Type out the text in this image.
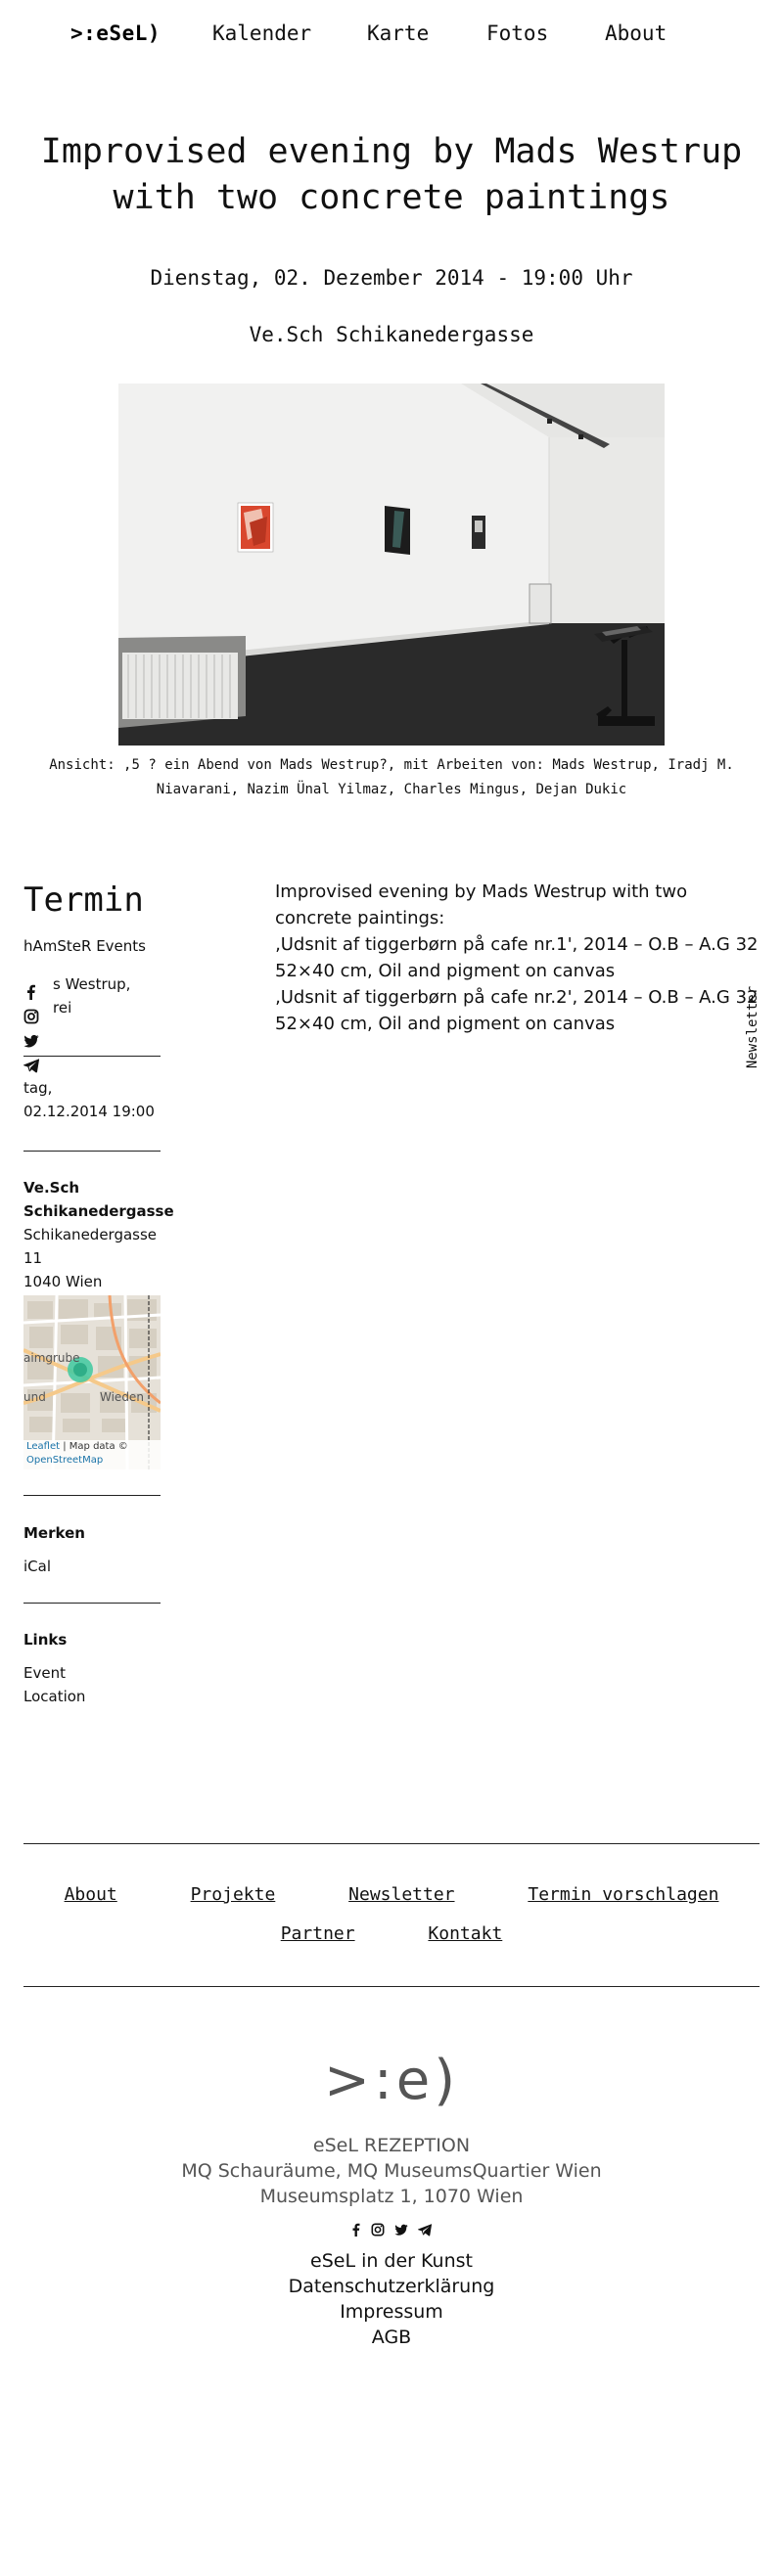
>:eSeL)	Kalender	Karte	Fotos	About
Improvised evening by Mads Westrup with two concrete paintings
Dienstag, 02. Dezember 2014 - 19:00 Uhr
Ve.Sch Schikanedergasse
Ansicht: ‚5 ? ein Abend von Mads Westrup?, mit Arbeiten von: Mads Westrup, Iradj M. Niavarani, Nazim Ünal Yilmaz, Charles Mingus, Dejan Dukic
Termin
hAmSteR Events
s Westrup,
rei
tag,
02.12.2014 19:00
Ve.Sch Schikanedergasse
Schikanedergasse 11
1040 Wien
aimgrube
Wieden
und
Leaflet | Map data ©
OpenStreetMap
Merken
iCal
Links
Event
Location
Improvised evening by Mads Westrup with two concrete paintings:
‚Udsnit af tiggerbørn på cafe nr.1', 2014 – O.B – A.G 32
52×40 cm, Oil and pigment on canvas
‚Udsnit af tiggerbørn på cafe nr.2', 2014 – O.B – A.G 32
52×40 cm, Oil and pigment on canvas	Newsletter
About	Projekte	Newsletter	Termin vorschlagen
Partner	Kontakt
>:e)
eSeL REZEPTION
MQ Schauräume, MQ MuseumsQuartier Wien
Museumsplatz 1, 1070 Wien
eSeL in der Kunst
Datenschutzerklärung
Impressum
AGB
